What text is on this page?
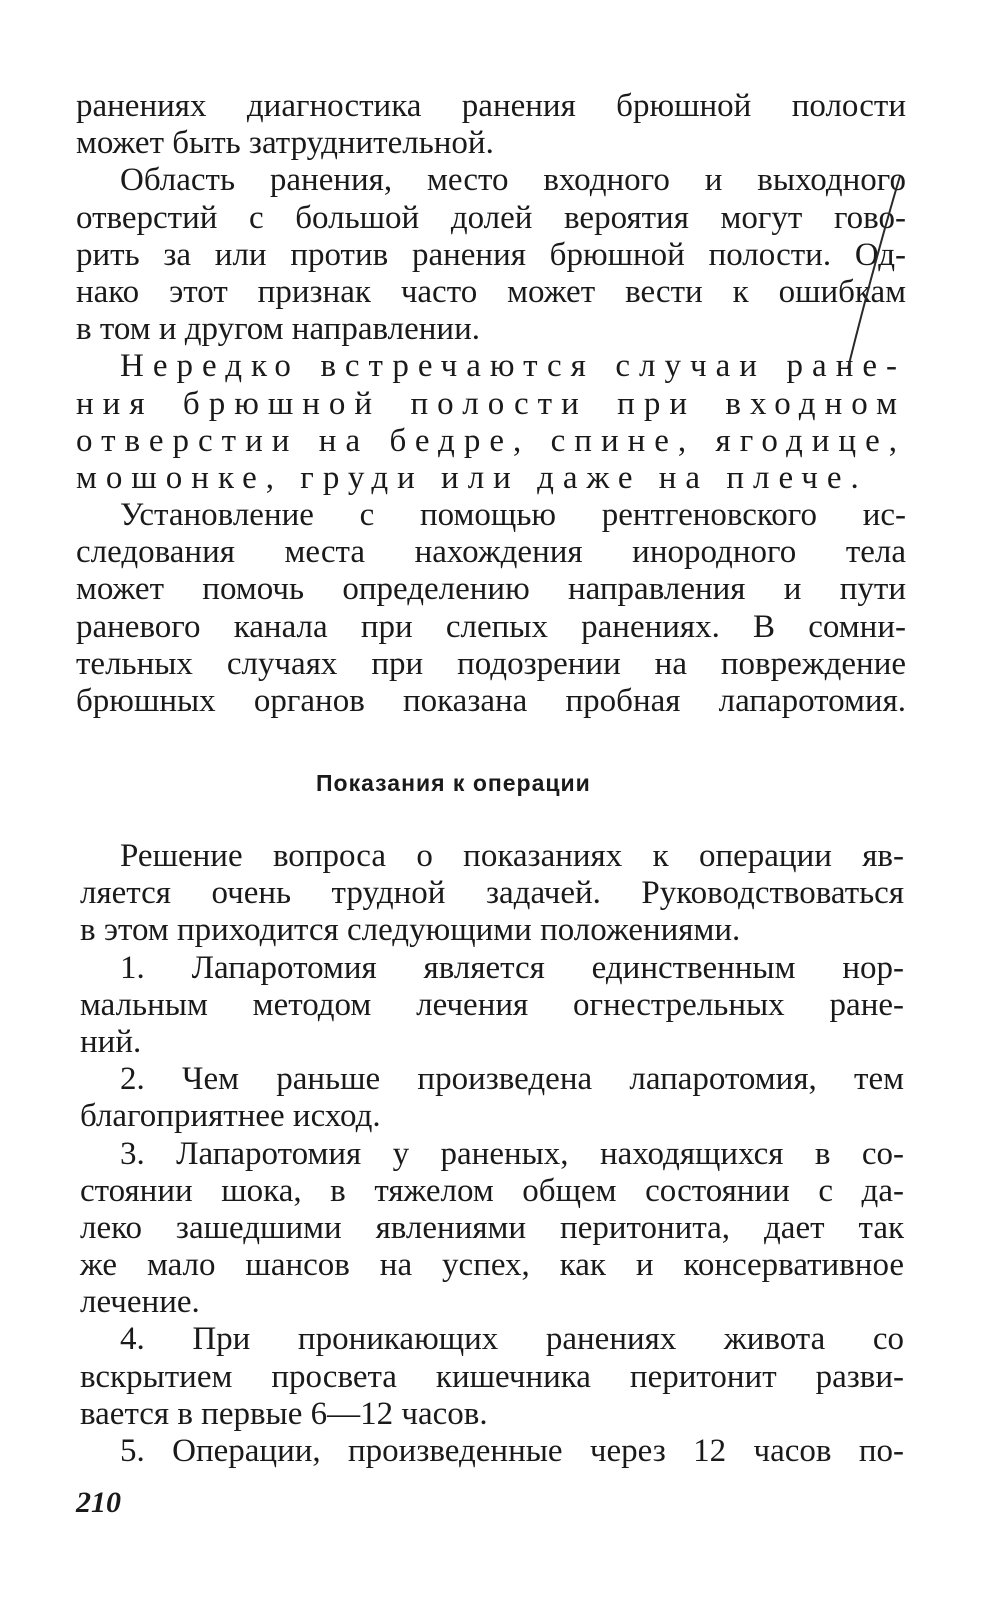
ранениях диагностика ранения брюшной полости
может быть затруднительной.
Область ранения, место входного и выходного
отверстий с большой долей вероятия могут гово-
рить за или против ранения брюшной полости. Од-
нако этот признак часто может вести к ошибкам
в том и другом направлении.
Нередко встречаются случаи ране-
ния брюшной полости при входном
отверстии на бедре, спине, ягодице,
мошонке, груди или даже на плече.
Установление с помощью рентгеновского ис-
следования места нахождения инородного тела
может помочь определению направления и пути
раневого канала при слепых ранениях. В сомни-
тельных случаях при подозрении на повреждение
брюшных органов показана пробная лапаротомия.
Показания к операции
Решение вопроса о показаниях к операции яв-
ляется очень трудной задачей. Руководствоваться
в этом приходится следующими положениями.
1. Лапаротомия является единственным нор-
мальным методом лечения огнестрельных ране-
ний.
2. Чем раньше произведена лапаротомия, тем
благоприятнее исход.
3. Лапаротомия у раненых, находящихся в со-
стоянии шока, в тяжелом общем состоянии с да-
леко зашедшими явлениями перитонита, дает так
же мало шансов на успех, как и консервативное
лечение.
4. При проникающих ранениях живота со
вскрытием просвета кишечника перитонит разви-
вается в первые 6—12 часов.
5. Операции, произведенные через 12 часов по-
210
